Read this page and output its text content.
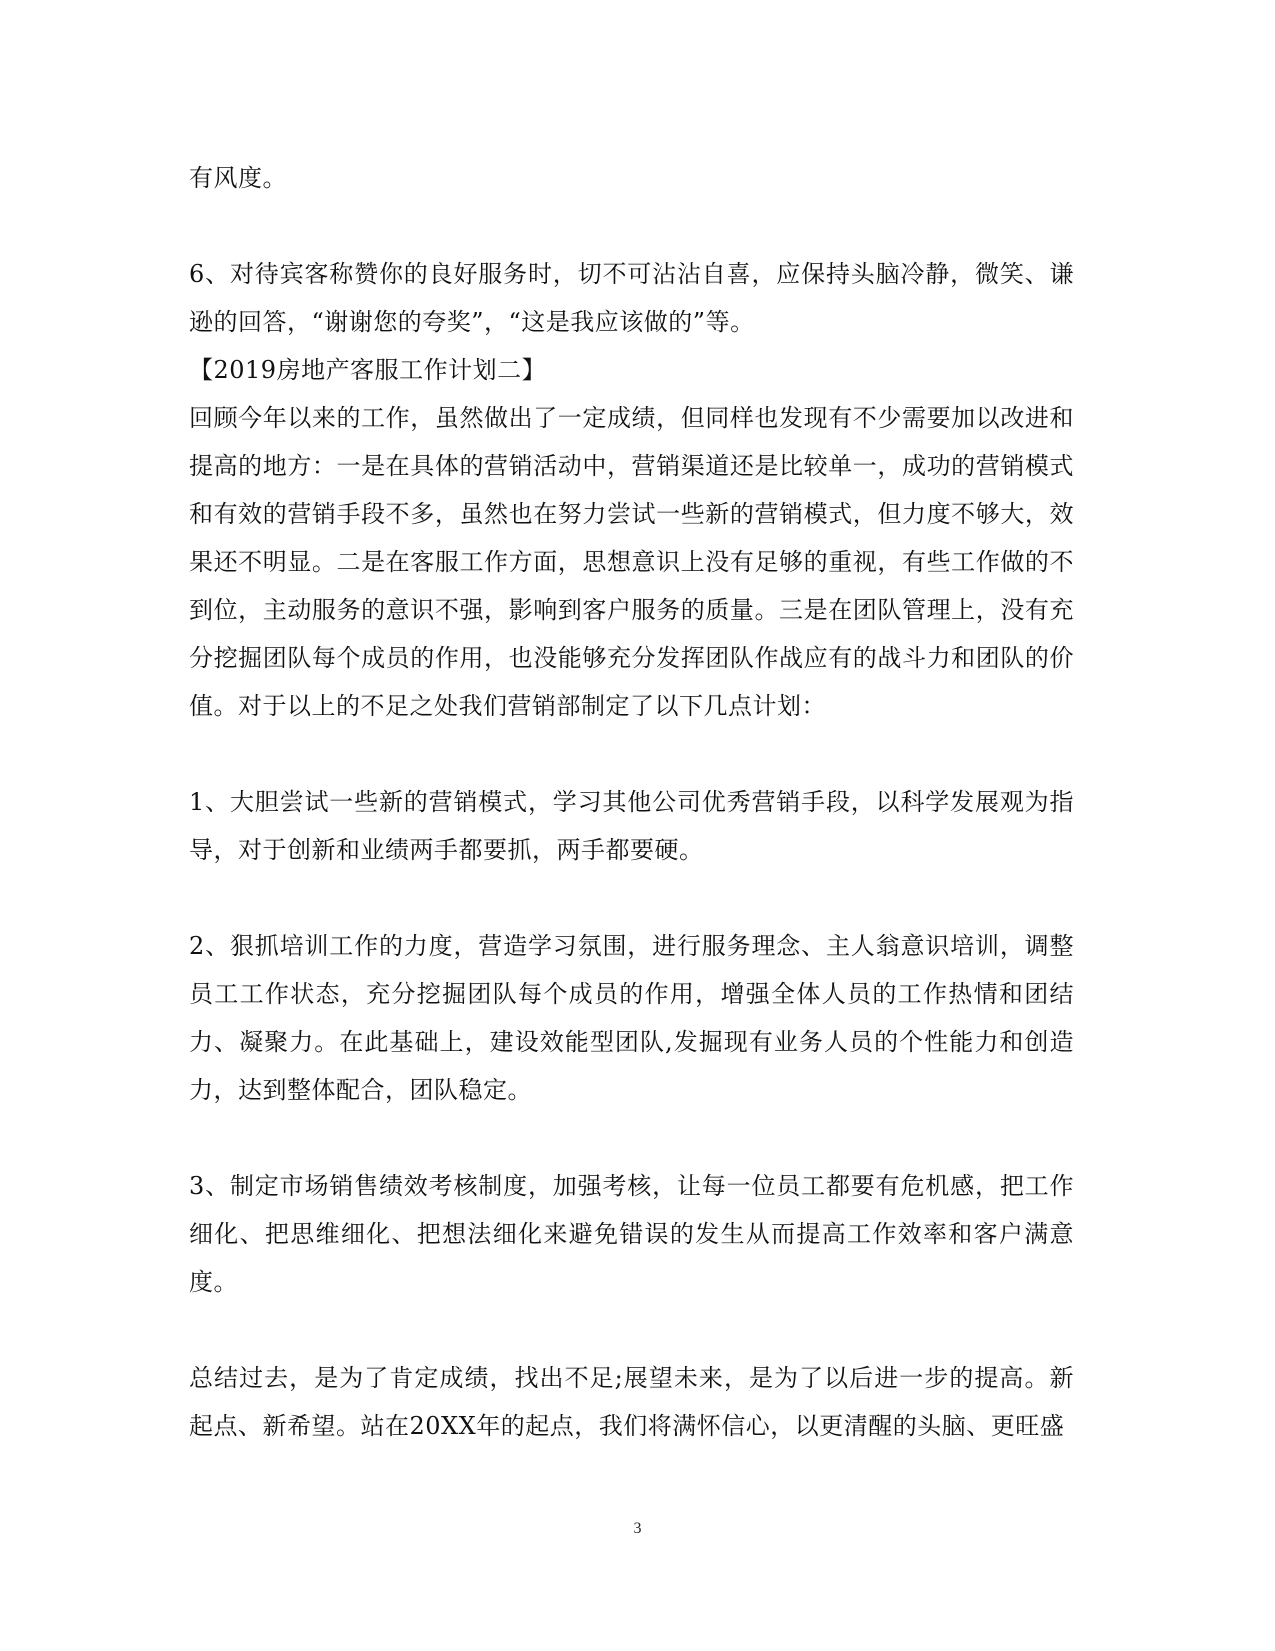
有风度。

6、对待宾客称赞你的良好服务时，切不可沾沾自喜，应保持头脑冷静，微笑、谦逊的回答，“谢谢您的夸奖”，“这是我应该做的”等。

【2019房地产客服工作计划二】

回顾今年以来的工作，虽然做出了一定成绩，但同样也发现有不少需要加以改进和提高的地方：一是在具体的营销活动中，营销渠道还是比较单一，成功的营销模式和有效的营销手段不多，虽然也在努力尝试一些新的营销模式，但力度不够大，效果还不明显。二是在客服工作方面，思想意识上没有足够的重视，有些工作做的不到位，主动服务的意识不强，影响到客户服务的质量。三是在团队管理上，没有充分挖掘团队每个成员的作用，也没能够充分发挥团队作战应有的战斗力和团队的价值。对于以上的不足之处我们营销部制定了以下几点计划：

1、大胆尝试一些新的营销模式，学习其他公司优秀营销手段，以科学发展观为指导，对于创新和业绩两手都要抓，两手都要硬。

2、狠抓培训工作的力度，营造学习氛围，进行服务理念、主人翁意识培训，调整员工工作状态，充分挖掘团队每个成员的作用，增强全体人员的工作热情和团结力、凝聚力。在此基础上，建设效能型团队,发掘现有业务人员的个性能力和创造力，达到整体配合，团队稳定。

3、制定市场销售绩效考核制度，加强考核，让每一位员工都要有危机感，把工作细化、把思维细化、把想法细化来避免错误的发生从而提高工作效率和客户满意度。

总结过去，是为了肯定成绩，找出不足;展望未来，是为了以后进一步的提高。新起点、新希望。站在20XX年的起点，我们将满怀信心，以更清醒的头脑、更旺盛

3
